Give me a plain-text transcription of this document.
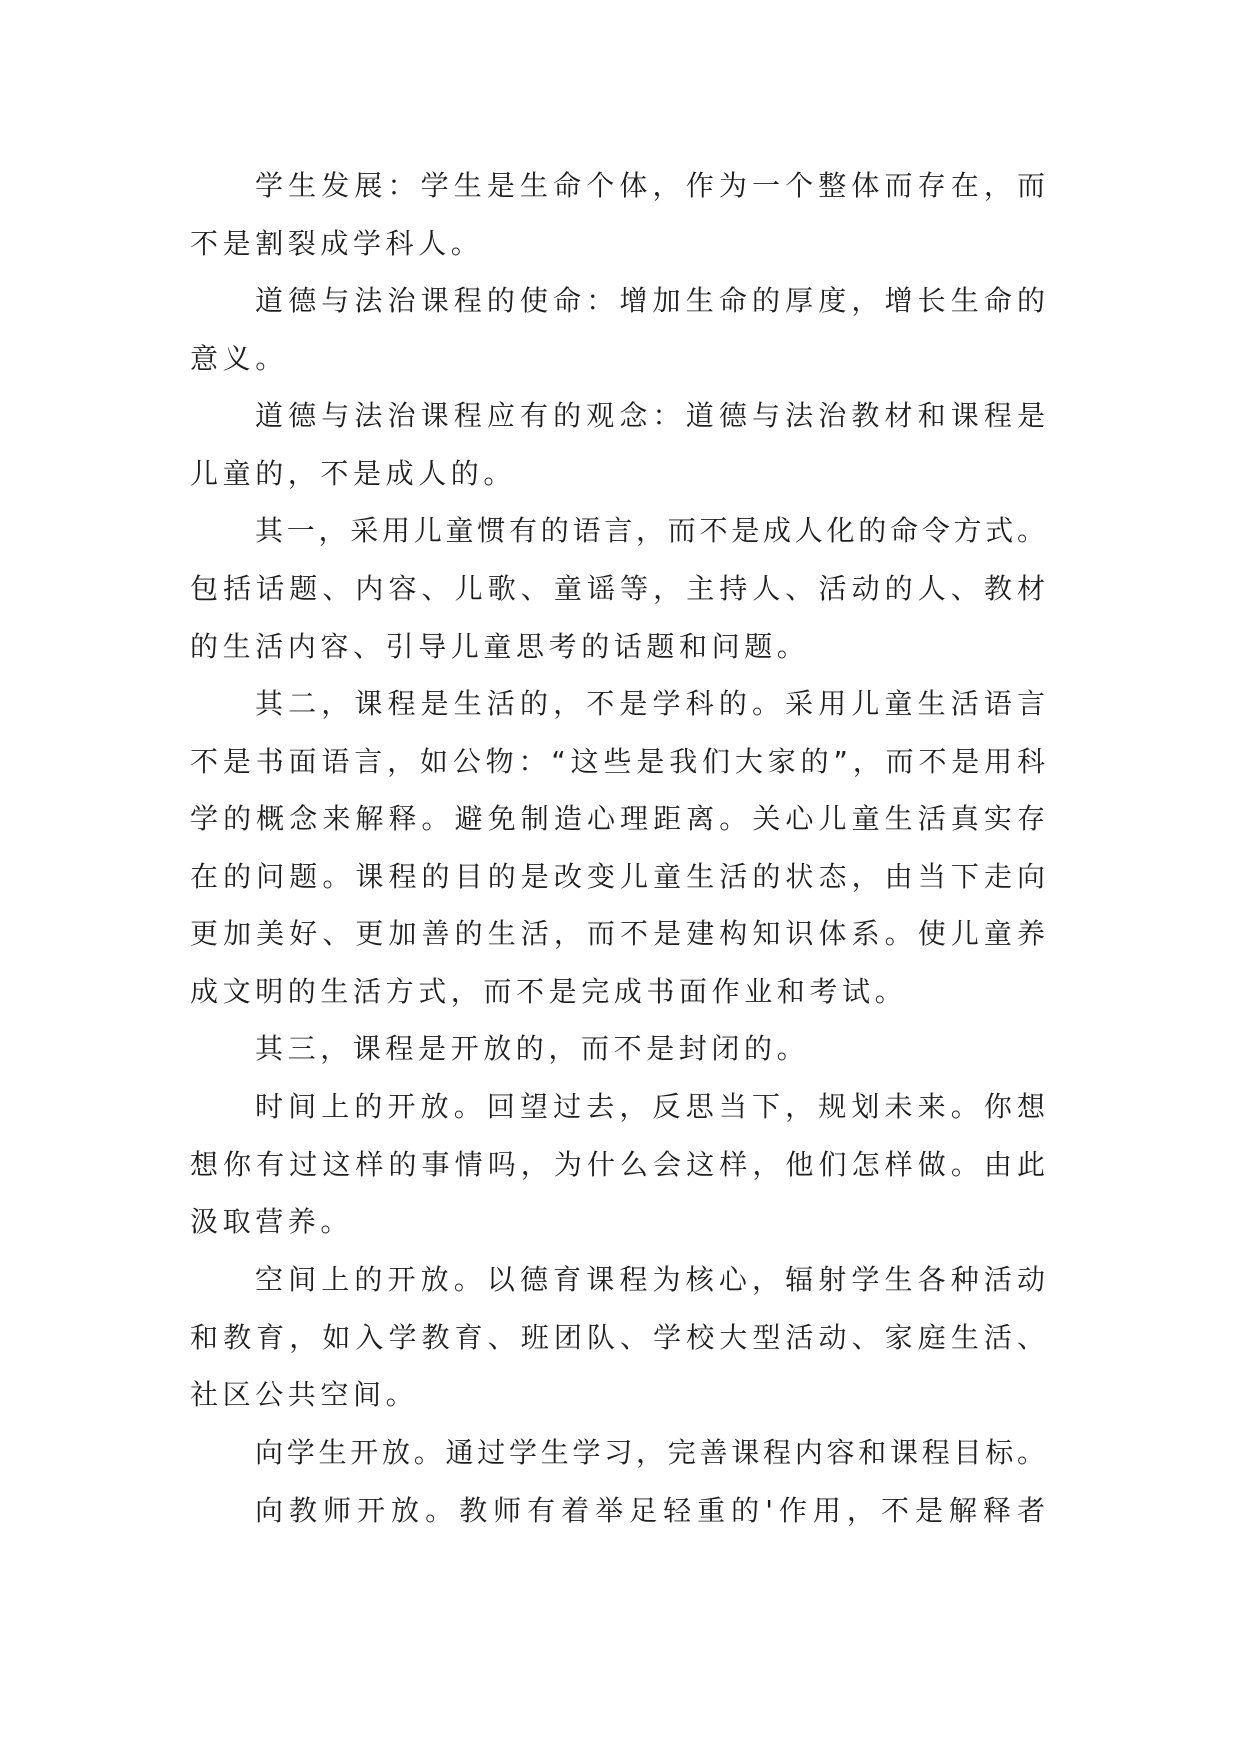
学生发展：学生是生命个体，作为一个整体而存在，而
不是割裂成学科人。
道德与法治课程的使命：增加生命的厚度，增长生命的
意义。
道德与法治课程应有的观念：道德与法治教材和课程是
儿童的，不是成人的。
其一，采用儿童惯有的语言，而不是成人化的命令方式。
包括话题、内容、儿歌、童谣等，主持人、活动的人、教材
的生活内容、引导儿童思考的话题和问题。
其二，课程是生活的，不是学科的。采用儿童生活语言
不是书面语言，如公物：“这些是我们大家的”，而不是用科
学的概念来解释。避免制造心理距离。关心儿童生活真实存
在的问题。课程的目的是改变儿童生活的状态，由当下走向
更加美好、更加善的生活，而不是建构知识体系。使儿童养
成文明的生活方式，而不是完成书面作业和考试。
其三，课程是开放的，而不是封闭的。
时间上的开放。回望过去，反思当下，规划未来。你想
想你有过这样的事情吗，为什么会这样，他们怎样做。由此
汲取营养。
空间上的开放。以德育课程为核心，辐射学生各种活动
和教育，如入学教育、班团队、学校大型活动、家庭生活、
社区公共空间。
向学生开放。通过学生学习，完善课程内容和课程目标。
向教师开放。教师有着举足轻重的'作用，不是解释者
